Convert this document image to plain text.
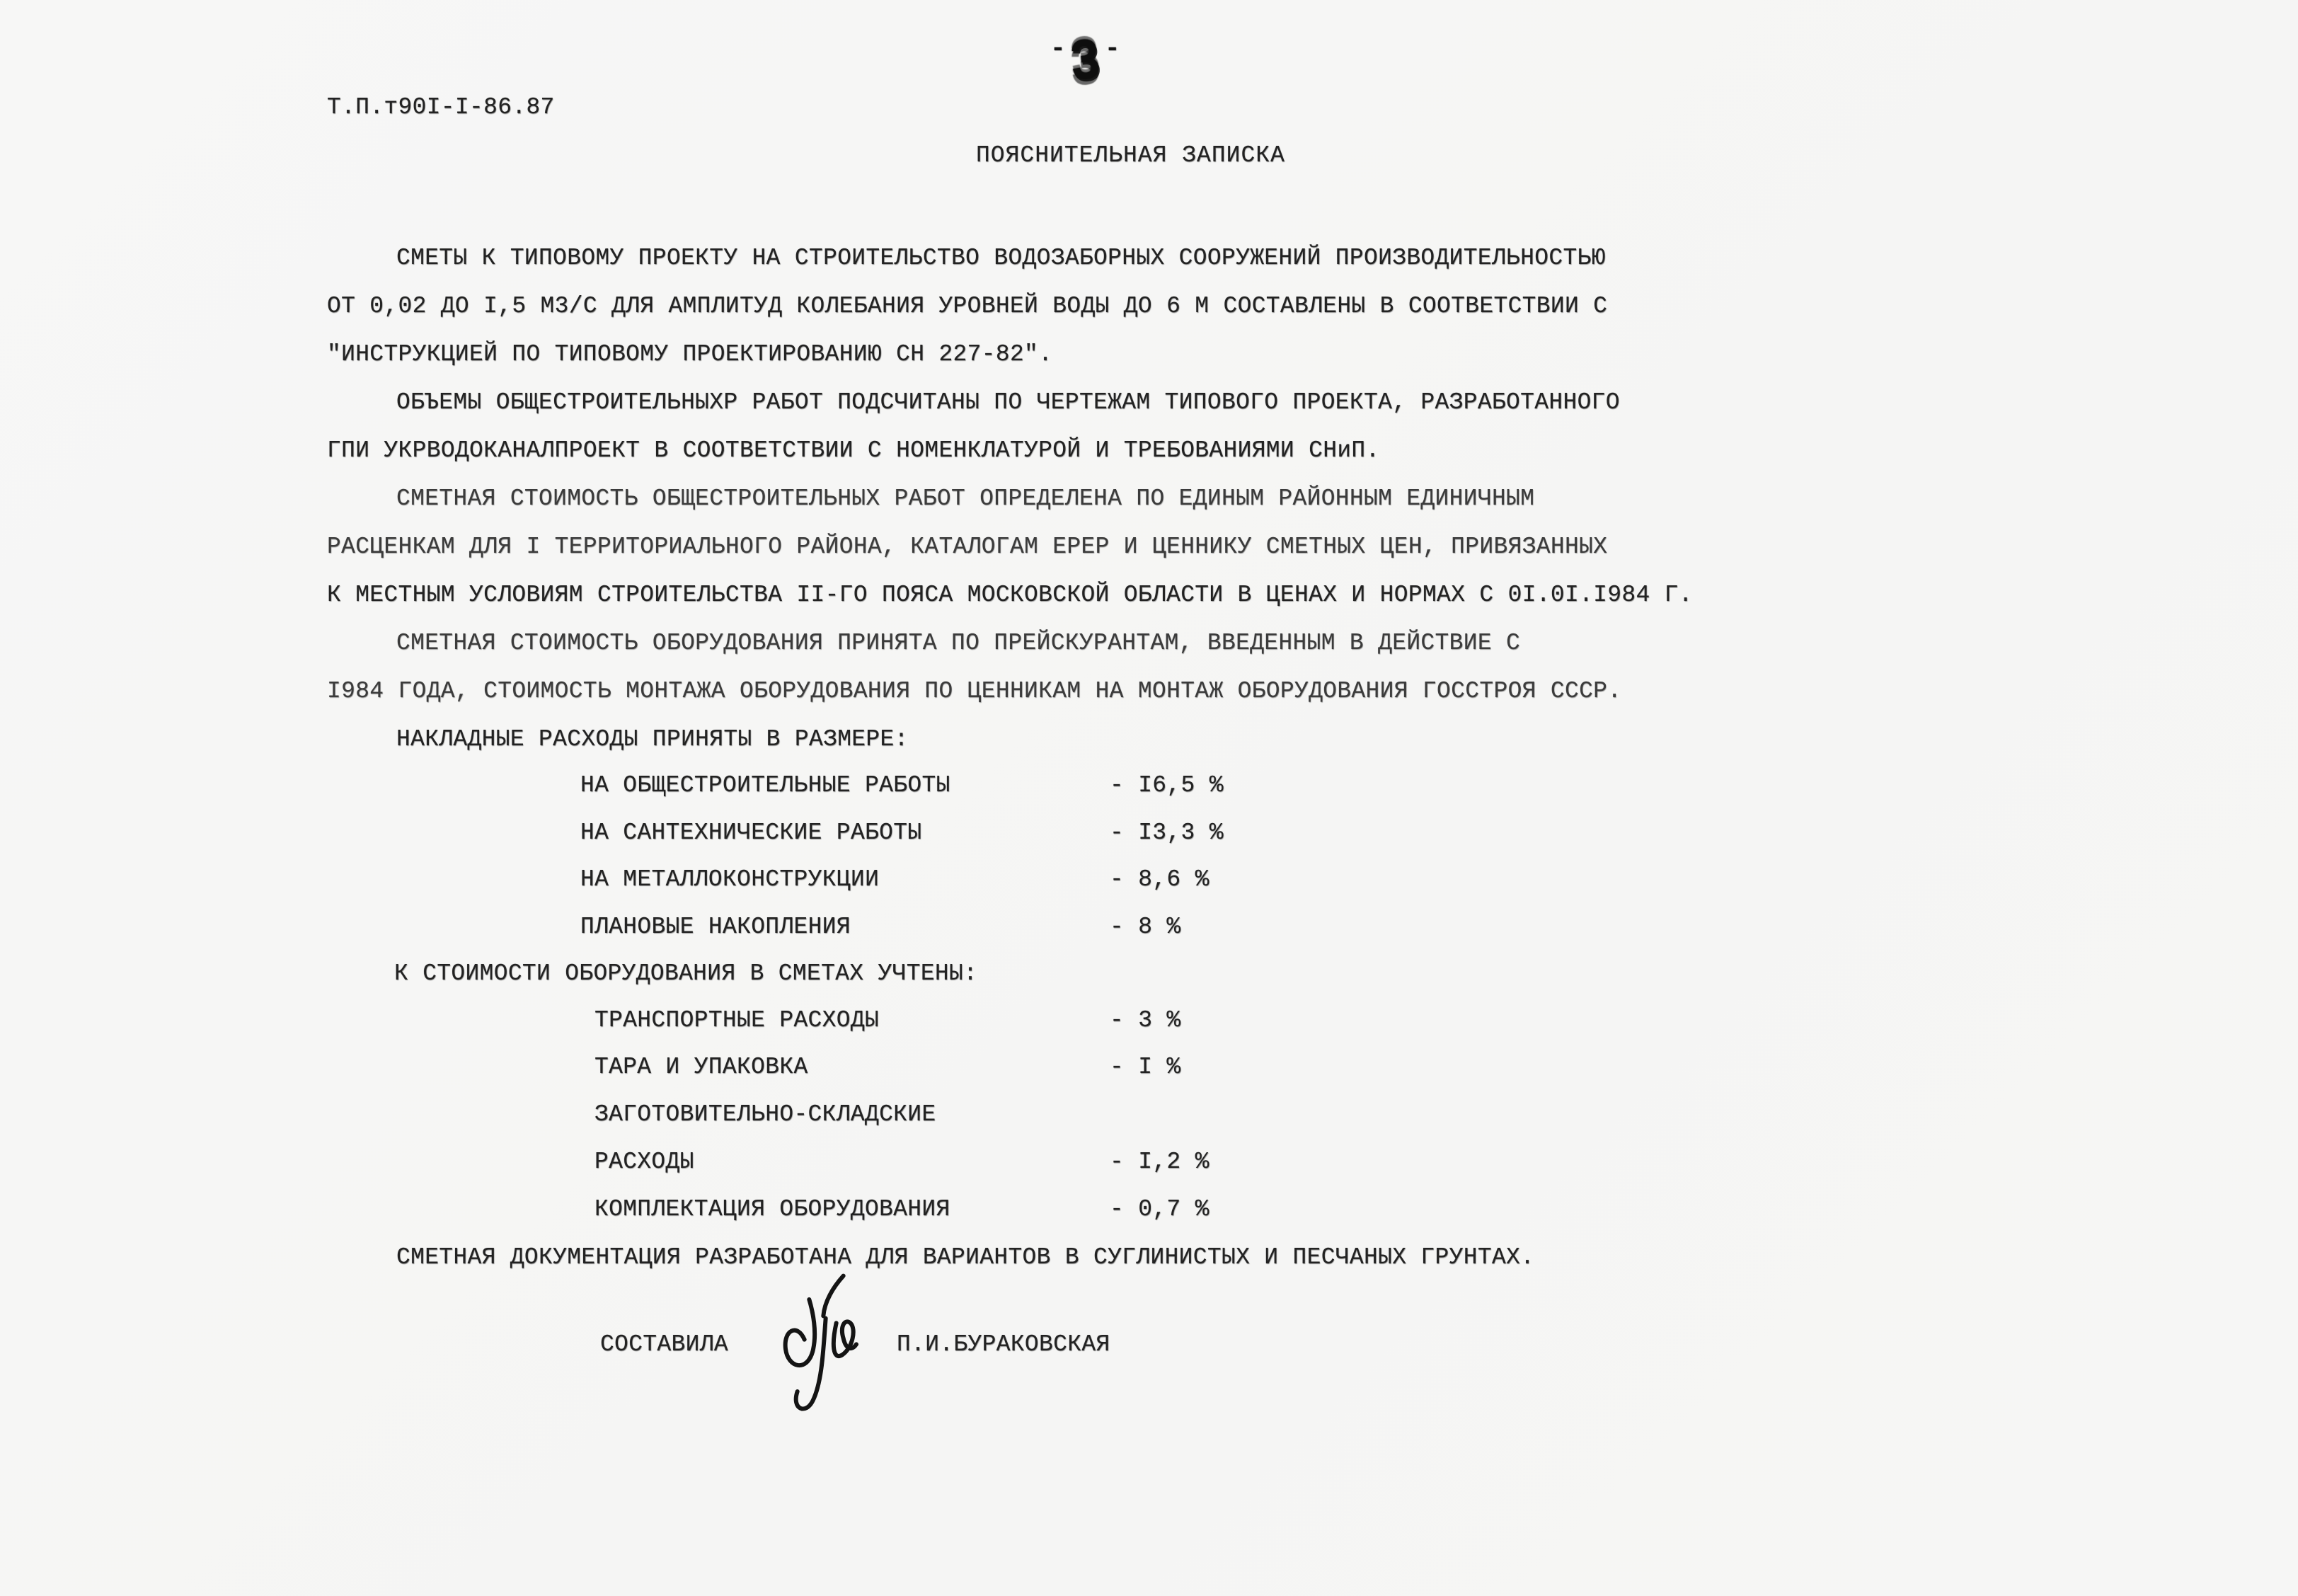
Т.П.т90I-I-86.87
-3-
ПОЯСНИТЕЛЬНАЯ ЗАПИСКА
СМЕТЫ К ТИПОВОМУ ПРОЕКТУ НА СТРОИТЕЛЬСТВО ВОДОЗАБОРНЫХ СООРУЖЕНИЙ ПРОИЗВОДИТЕЛЬНОСТЬЮ
ОТ 0,02 ДО I,5 М3/С ДЛЯ АМПЛИТУД КОЛЕБАНИЯ УРОВНЕЙ ВОДЫ ДО 6 М СОСТАВЛЕНЫ В СООТВЕТСТВИИ С
"ИНСТРУКЦИЕЙ ПО ТИПОВОМУ ПРОЕКТИРОВАНИЮ СН 227-82".
ОБЪЕМЫ ОБЩЕСТРОИТЕЛЬНЫХР РАБОТ ПОДСЧИТАНЫ ПО ЧЕРТЕЖАМ ТИПОВОГО ПРОЕКТА, РАЗРАБОТАННОГО
ГПИ УКРВОДОКАНАЛПРОЕКТ В СООТВЕТСТВИИ С НОМЕНКЛАТУРОЙ И ТРЕБОВАНИЯМИ СНиП.
СМЕТНАЯ СТОИМОСТЬ ОБЩЕСТРОИТЕЛЬНЫХ РАБОТ ОПРЕДЕЛЕНА ПО ЕДИНЫМ РАЙОННЫМ ЕДИНИЧНЫМ
РАСЦЕНКАМ ДЛЯ I ТЕРРИТОРИАЛЬНОГО РАЙОНА, КАТАЛОГАМ ЕРЕР И ЦЕННИКУ СМЕТНЫХ ЦЕН, ПРИВЯЗАННЫХ
К МЕСТНЫМ УСЛОВИЯМ СТРОИТЕЛЬСТВА II-ГО ПОЯСА МОСКОВСКОЙ ОБЛАСТИ В ЦЕНАХ И НОРМАХ С 0I.0I.I984 Г.
СМЕТНАЯ СТОИМОСТЬ ОБОРУДОВАНИЯ ПРИНЯТА ПО ПРЕЙСКУРАНТАМ, ВВЕДЕННЫМ В ДЕЙСТВИЕ С
I984 ГОДА, СТОИМОСТЬ МОНТАЖА ОБОРУДОВАНИЯ ПО ЦЕННИКАМ НА МОНТАЖ ОБОРУДОВАНИЯ ГОССТРОЯ СССР.
НАКЛАДНЫЕ РАСХОДЫ ПРИНЯТЫ В РАЗМЕРЕ:
НА ОБЩЕСТРОИТЕЛЬНЫЕ РАБОТЫ	- I6,5 %
НА САНТЕХНИЧЕСКИЕ РАБОТЫ	- I3,3 %
НА МЕТАЛЛОКОНСТРУКЦИИ	- 8,6 %
ПЛАНОВЫЕ НАКОПЛЕНИЯ	- 8 %
К СТОИМОСТИ ОБОРУДОВАНИЯ В СМЕТАХ УЧТЕНЫ:
ТРАНСПОРТНЫЕ РАСХОДЫ	- 3 %
ТАРА И УПАКОВКА	- I %
ЗАГОТОВИТЕЛЬНО-СКЛАДСКИЕ
РАСХОДЫ	- I,2 %
КОМПЛЕКТАЦИЯ ОБОРУДОВАНИЯ	- 0,7 %
СМЕТНАЯ ДОКУМЕНТАЦИЯ РАЗРАБОТАНА ДЛЯ ВАРИАНТОВ В СУГЛИНИСТЫХ И ПЕСЧАНЫХ ГРУНТАХ.
СОСТАВИЛА	П.И.БУРАКОВСКАЯ
